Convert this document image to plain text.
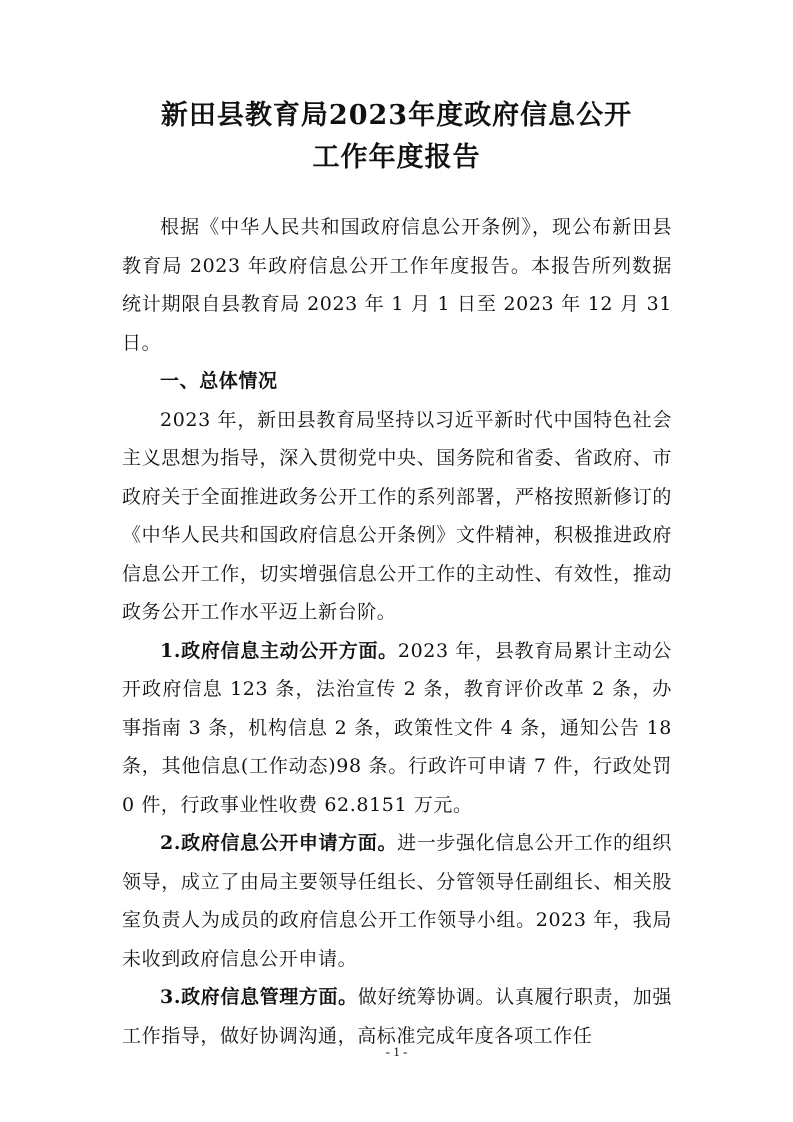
新田县教育局2023年度政府信息公开
工作年度报告

根据《中华人民共和国政府信息公开条例》，现公布新田县教育局 2023 年政府信息公开工作年度报告。本报告所列数据统计期限自县教育局 2023 年 1 月 1 日至 2023 年 12 月 31 日。

一、总体情况

2023 年，新田县教育局坚持以习近平新时代中国特色社会主义思想为指导，深入贯彻党中央、国务院和省委、省政府、市政府关于全面推进政务公开工作的系列部署，严格按照新修订的《中华人民共和国政府信息公开条例》文件精神，积极推进政府信息公开工作，切实增强信息公开工作的主动性、有效性，推动政务公开工作水平迈上新台阶。

1.政府信息主动公开方面。2023 年，县教育局累计主动公开政府信息 123 条，法治宣传 2 条，教育评价改革 2 条，办事指南 3 条，机构信息 2 条，政策性文件 4 条，通知公告 18 条，其他信息(工作动态)98 条。行政许可申请 7 件，行政处罚 0 件，行政事业性收费 62.8151 万元。

2.政府信息公开申请方面。进一步强化信息公开工作的组织领导，成立了由局主要领导任组长、分管领导任副组长、相关股室负责人为成员的政府信息公开工作领导小组。2023 年，我局未收到政府信息公开申请。

3.政府信息管理方面。做好统筹协调。认真履行职责，加强工作指导，做好协调沟通，高标准完成年度各项工作任

- 1 -
